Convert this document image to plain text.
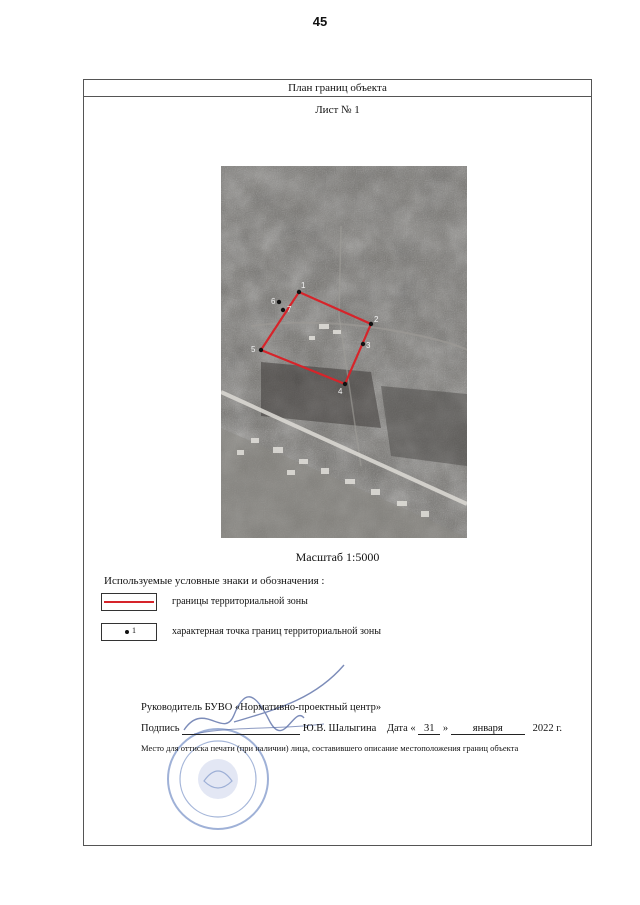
45
План границ объекта
Лист № 1
1
2
3
4
5
6
7
Масштаб 1:5000
Используемые условные знаки и обозначения :
границы территориальной зоны
1	характерная точка границ территориальной зоны
Руководитель БУВО «Нормативно-проектный центр»
Подпись	Ю.В. Шалыгина Дата « 31 » января	2022 г.
Место для оттиска печати (при наличии) лица, составившего описание местоположения границ объекта
